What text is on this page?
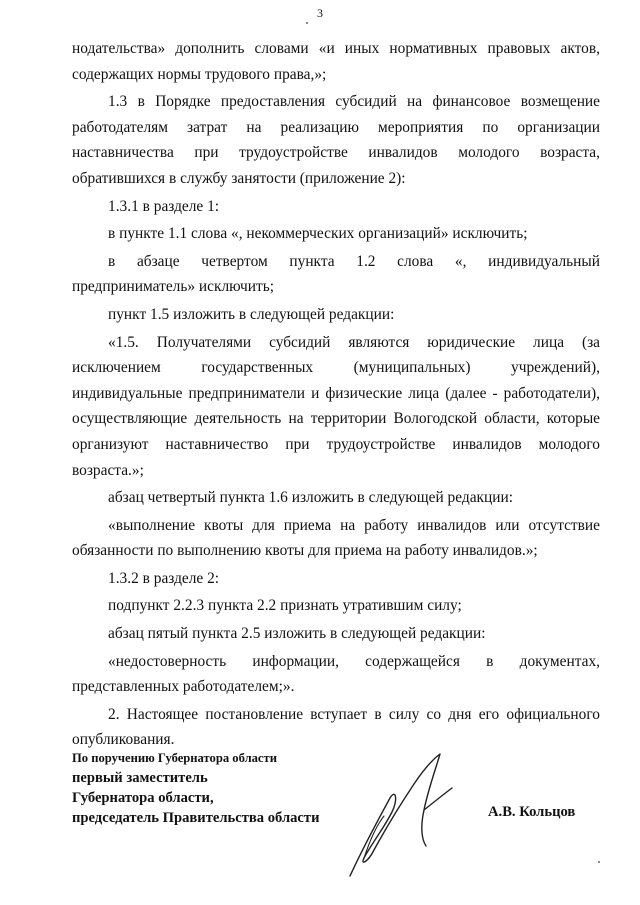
3

нодательства» дополнить словами «и иных нормативных правовых актов, содержащих нормы трудового права,»;

1.3 в Порядке предоставления субсидий на финансовое возмещение работодателям затрат на реализацию мероприятия по организации наставничества при трудоустройстве инвалидов молодого возраста, обратившихся в службу занятости (приложение 2):

1.3.1 в разделе 1:

в пункте 1.1 слова «, некоммерческих организаций» исключить;

в абзаце четвертом пункта 1.2 слова «, индивидуальный предприниматель» исключить;

пункт 1.5 изложить в следующей редакции:

«1.5. Получателями субсидий являются юридические лица (за исключением государственных (муниципальных) учреждений), индивидуальные предприниматели и физические лица (далее - работодатели), осуществляющие деятельность на территории Вологодской области, которые организуют наставничество при трудоустройстве инвалидов молодого возраста.»;

абзац четвертый пункта 1.6 изложить в следующей редакции:

«выполнение квоты для приема на работу инвалидов или отсутствие обязанности по выполнению квоты для приема на работу инвалидов.»;

1.3.2 в разделе 2:

подпункт 2.2.3 пункта 2.2 признать утратившим силу;

абзац пятый пункта 2.5 изложить в следующей редакции:

«недостоверность информации, содержащейся в документах, представленных работодателем;».

2. Настоящее постановление вступает в силу со дня его официального опубликования.

По поручению Губернатора области
первый заместитель
Губернатора области,
председатель Правительства области	А.В. Кольцов
